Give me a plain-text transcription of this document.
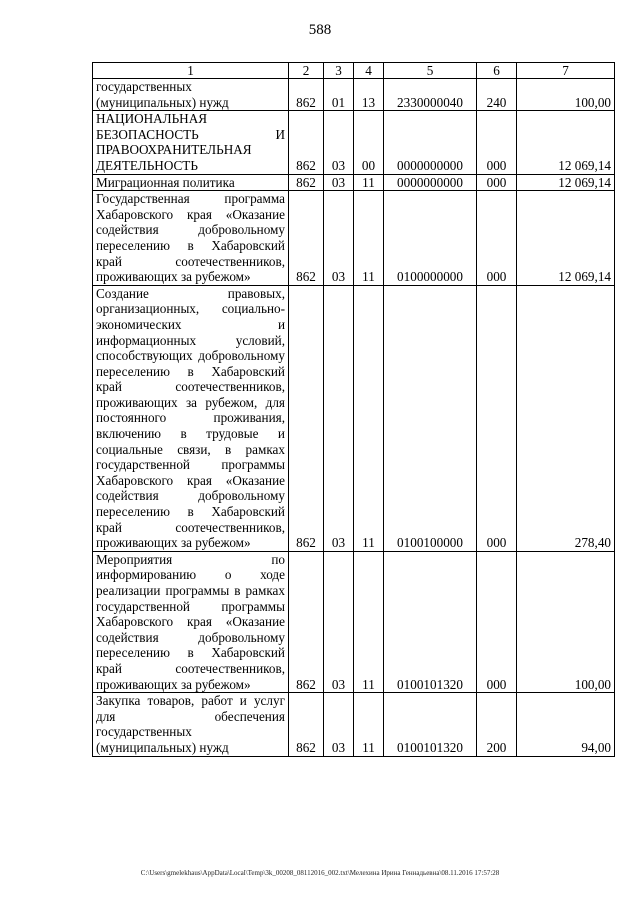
588
1	2	3	4	5	6	7
государственных (муниципальных) нужд	862	01	13	2330000040	240	100,00
НАЦИОНАЛЬНАЯ БЕЗОПАСНОСТЬ И ПРАВООХРАНИТЕЛЬНАЯ ДЕЯТЕЛЬНОСТЬ	862	03	00	0000000000	000	12 069,14
Миграционная политика	862	03	11	0000000000	000	12 069,14
Государственная программа Хабаровского края «Оказание содействия добровольному переселению в Хабаровский край соотечественников, проживающих за рубежом»	862	03	11	0100000000	000	12 069,14
Создание правовых, организационных, социально-экономических и информационных условий, способствующих добровольному переселению в Хабаровский край соотечественников, проживающих за рубежом, для постоянного проживания, включению в трудовые и социальные связи, в рамках государственной программы Хабаровского края «Оказание содействия добровольному переселению в Хабаровский край соотечественников, проживающих за рубежом»	862	03	11	0100100000	000	278,40
Мероприятия по информированию о ходе реализации программы в рамках государственной программы Хабаровского края «Оказание содействия добровольному переселению в Хабаровский край соотечественников, проживающих за рубежом»	862	03	11	0100101320	000	100,00
Закупка товаров, работ и услуг для обеспечения государственных (муниципальных) нужд	862	03	11	0100101320	200	94,00
C:\Users\gmelekhaus\AppData\Local\Temp\3k_00208_08112016_002.txt\Мелехина Ирина Геннадьевна\08.11.2016 17:57:28
